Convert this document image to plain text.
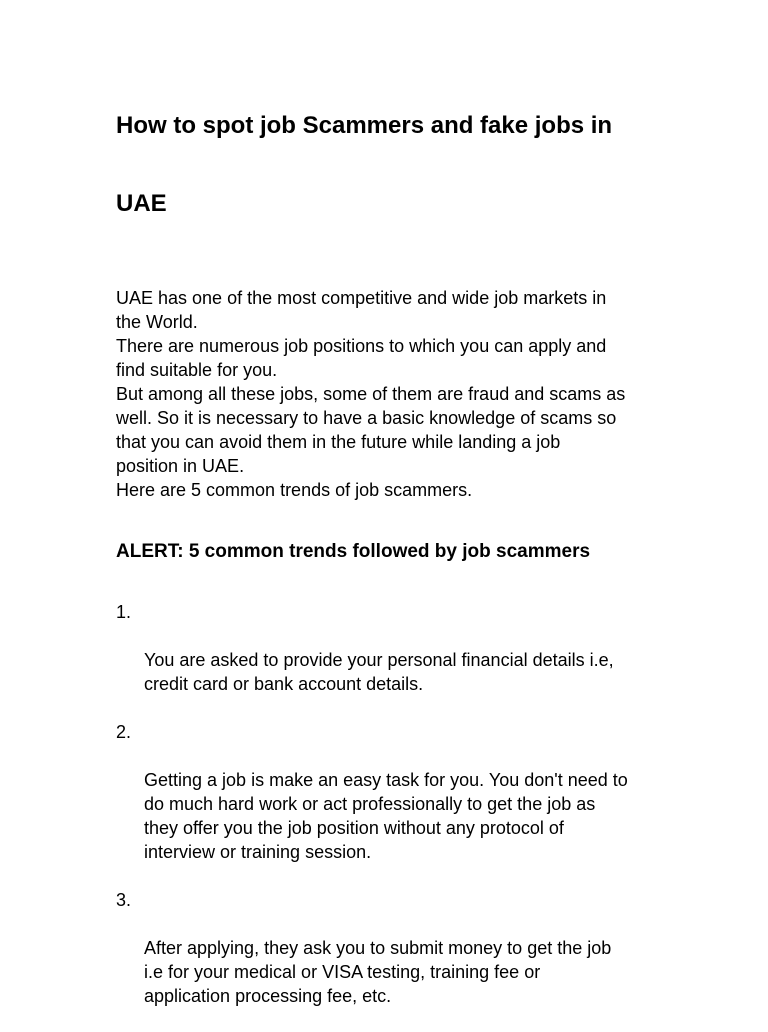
How to spot job Scammers and fake jobs in
UAE

UAE has one of the most competitive and wide job markets in
the World.

There are numerous job positions to which you can apply and
find suitable for you.

But among all these jobs, some of them are fraud and scams as
well. So it is necessary to have a basic knowledge of scams so
that you can avoid them in the future while landing a job
position in UAE.

Here are 5 common trends of job scammers.

ALERT: 5 common trends followed by job scammers

1.

You are asked to provide your personal financial details i.e,
credit card or bank account details.

2.

Getting a job is make an easy task for you. You don't need to
do much hard work or act professionally to get the job as
they offer you the job position without any protocol of
interview or training session.

3.

After applying, they ask you to submit money to get the job
i.e for your medical or VISA testing, training fee or
application processing fee, etc.
